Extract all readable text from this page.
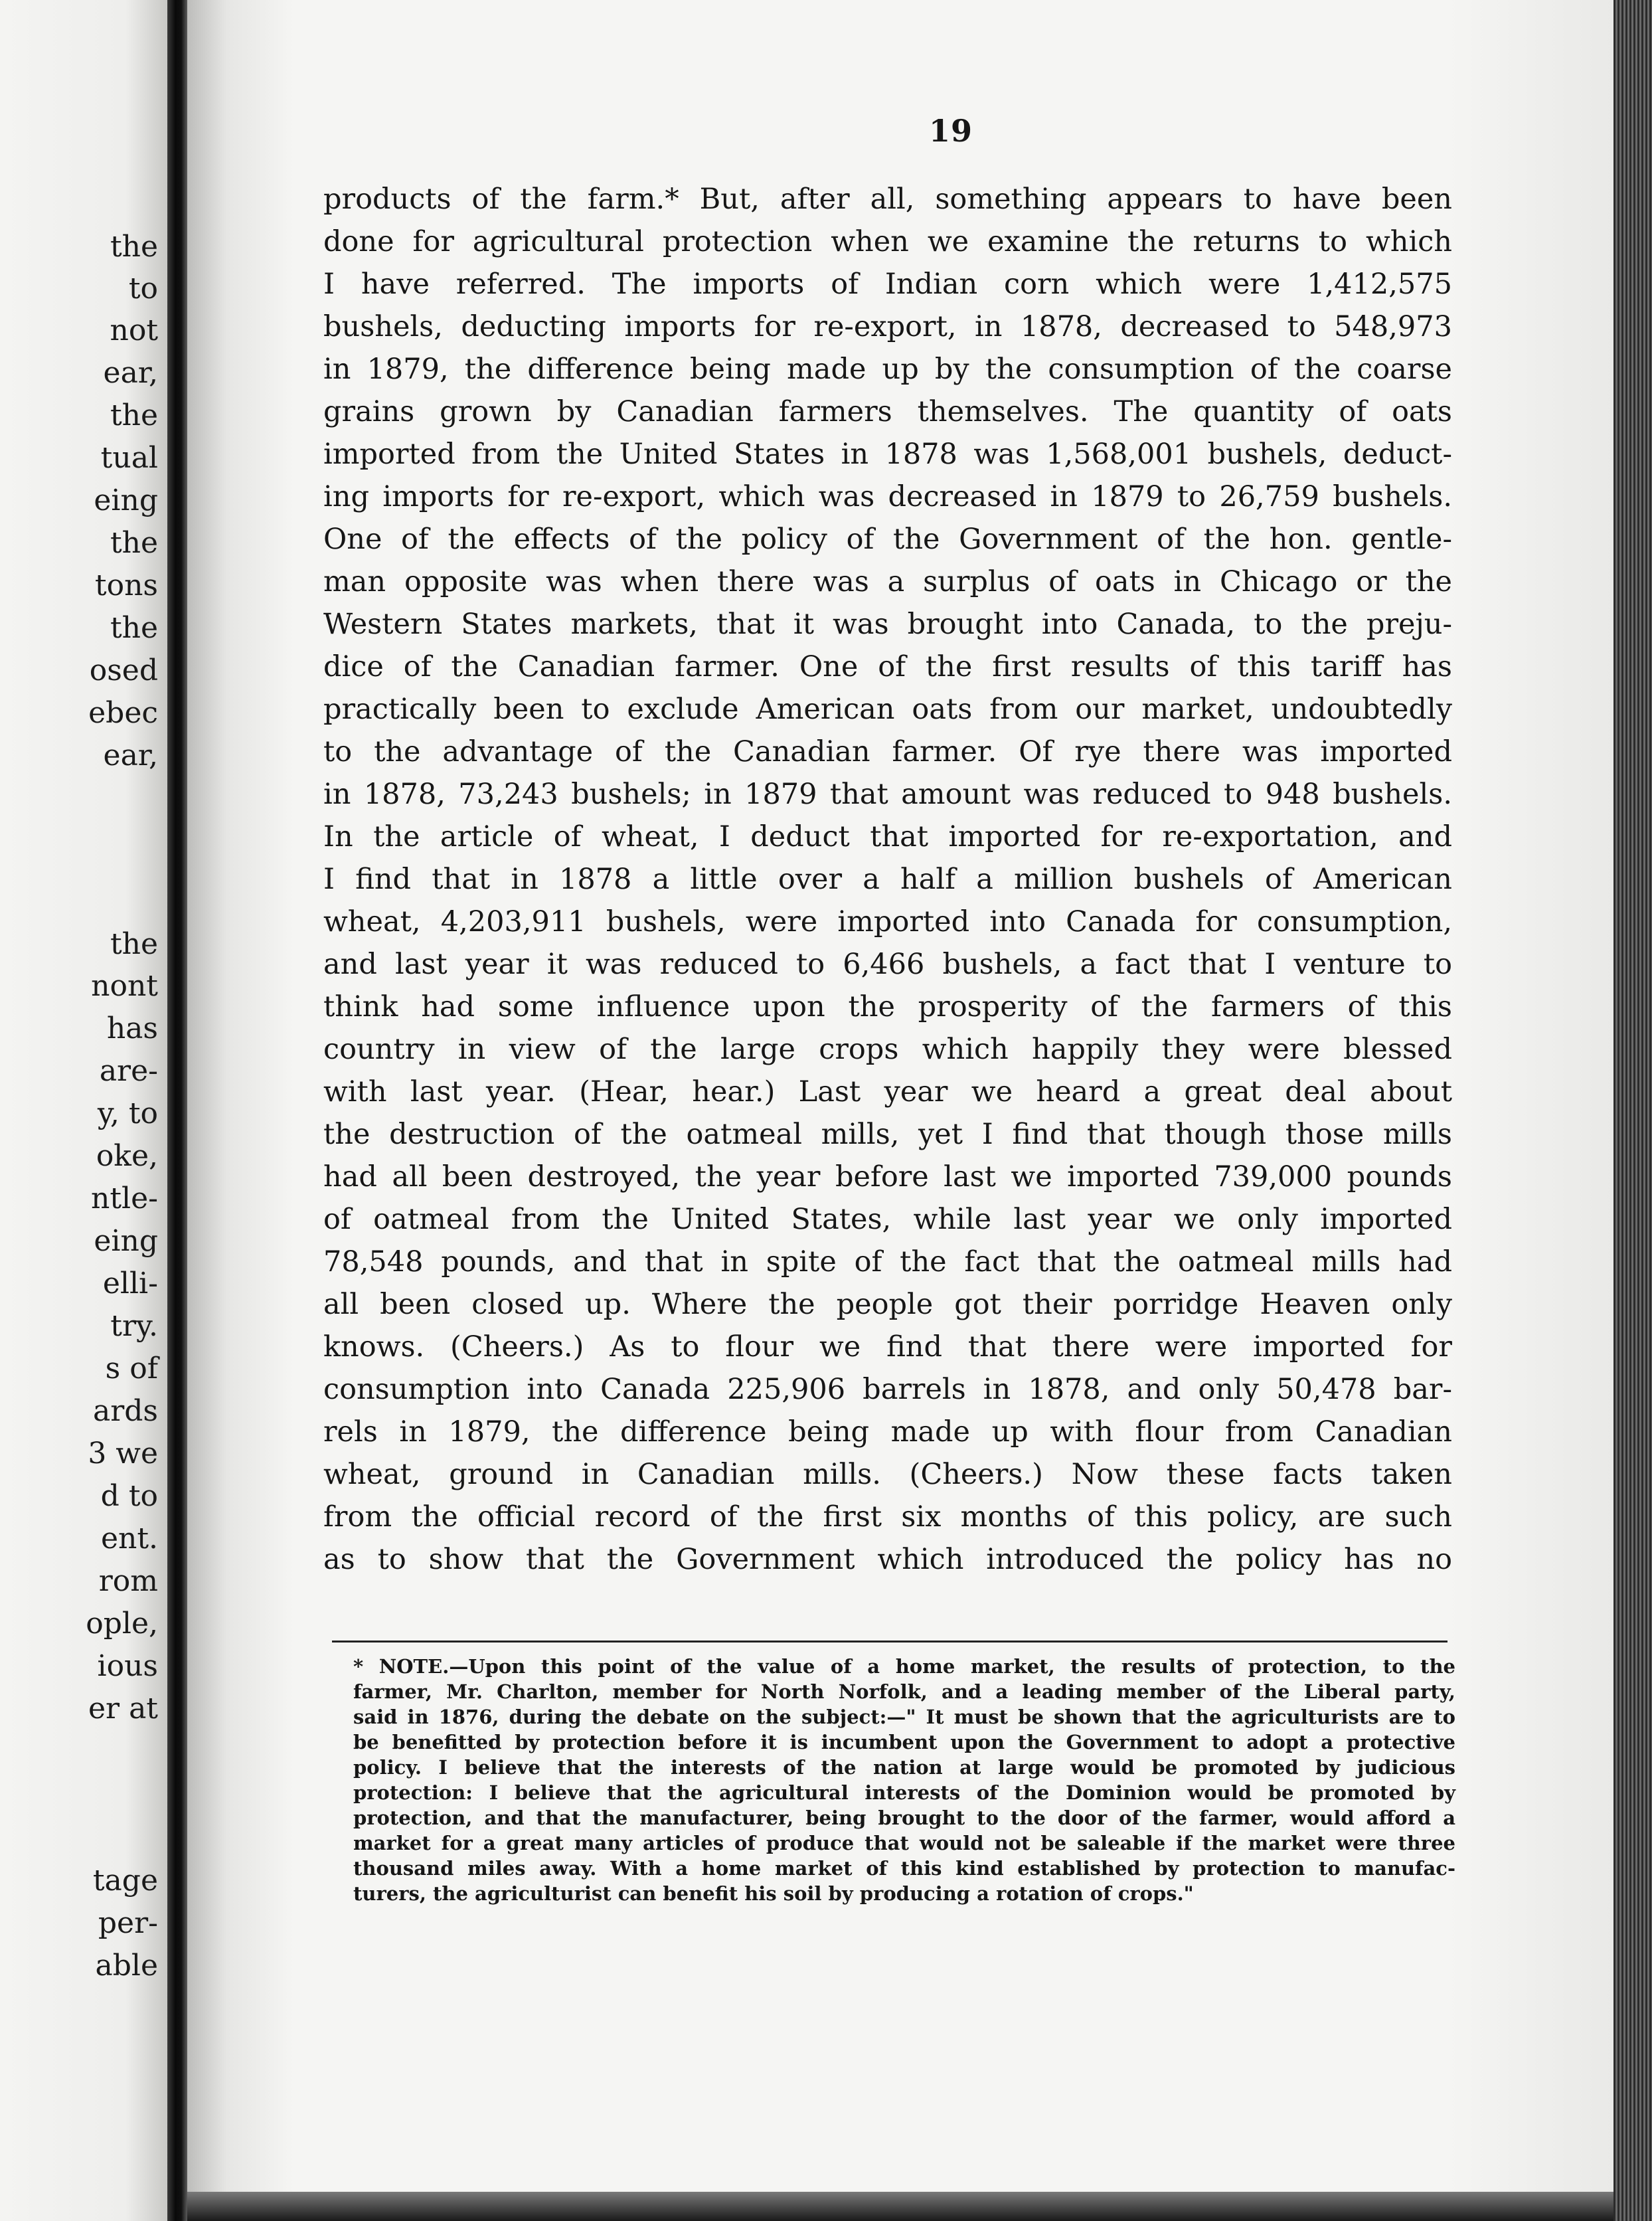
the
to
not
ear,
the
tual
eing
the
tons
the
osed
ebec
ear,
the
nont
has
are-
y, to
oke,
ntle-
eing
elli-
try.
s of
ards
3 we
d to
ent.
rom
ople,
ious
er at
tage
per-
able
19
products of the farm.* But, after all, something appears to have been
done for agricultural protection when we examine the returns to which
I have referred. The imports of Indian corn which were 1,412,575
bushels, deducting imports for re-export, in 1878, decreased to 548,973
in 1879, the difference being made up by the consumption of the coarse
grains grown by Canadian farmers themselves. The quantity of oats
imported from the United States in 1878 was 1,568,001 bushels, deduct-
ing imports for re-export, which was decreased in 1879 to 26,759 bushels.
One of the effects of the policy of the Government of the hon. gentle-
man opposite was when there was a surplus of oats in Chicago or the
Western States markets, that it was brought into Canada, to the preju-
dice of the Canadian farmer. One of the first results of this tariff has
practically been to exclude American oats from our market, undoubtedly
to the advantage of the Canadian farmer. Of rye there was imported
in 1878, 73,243 bushels; in 1879 that amount was reduced to 948 bushels.
In the article of wheat, I deduct that imported for re-exportation, and
I find that in 1878 a little over a half a million bushels of American
wheat, 4,203,911 bushels, were imported into Canada for consumption,
and last year it was reduced to 6,466 bushels, a fact that I venture to
think had some influence upon the prosperity of the farmers of this
country in view of the large crops which happily they were blessed
with last year. (Hear, hear.) Last year we heard a great deal about
the destruction of the oatmeal mills, yet I find that though those mills
had all been destroyed, the year before last we imported 739,000 pounds
of oatmeal from the United States, while last year we only imported
78,548 pounds, and that in spite of the fact that the oatmeal mills had
all been closed up. Where the people got their porridge Heaven only
knows. (Cheers.) As to flour we find that there were imported for
consumption into Canada 225,906 barrels in 1878, and only 50,478 bar-
rels in 1879, the difference being made up with flour from Canadian
wheat, ground in Canadian mills. (Cheers.) Now these facts taken
from the official record of the first six months of this policy, are such
as to show that the Government which introduced the policy has no
* NOTE.—Upon this point of the value of a home market, the results of protection, to the
farmer, Mr. Charlton, member for North Norfolk, and a leading member of the Liberal party,
said in 1876, during the debate on the subject:—" It must be shown that the agriculturists are to
be benefitted by protection before it is incumbent upon the Government to adopt a protective
policy. I believe that the interests of the nation at large would be promoted by judicious
protection: I believe that the agricultural interests of the Dominion would be promoted by
protection, and that the manufacturer, being brought to the door of the farmer, would afford a
market for a great many articles of produce that would not be saleable if the market were three
thousand miles away. With a home market of this kind established by protection to manufac-
turers, the agriculturist can benefit his soil by producing a rotation of crops."
